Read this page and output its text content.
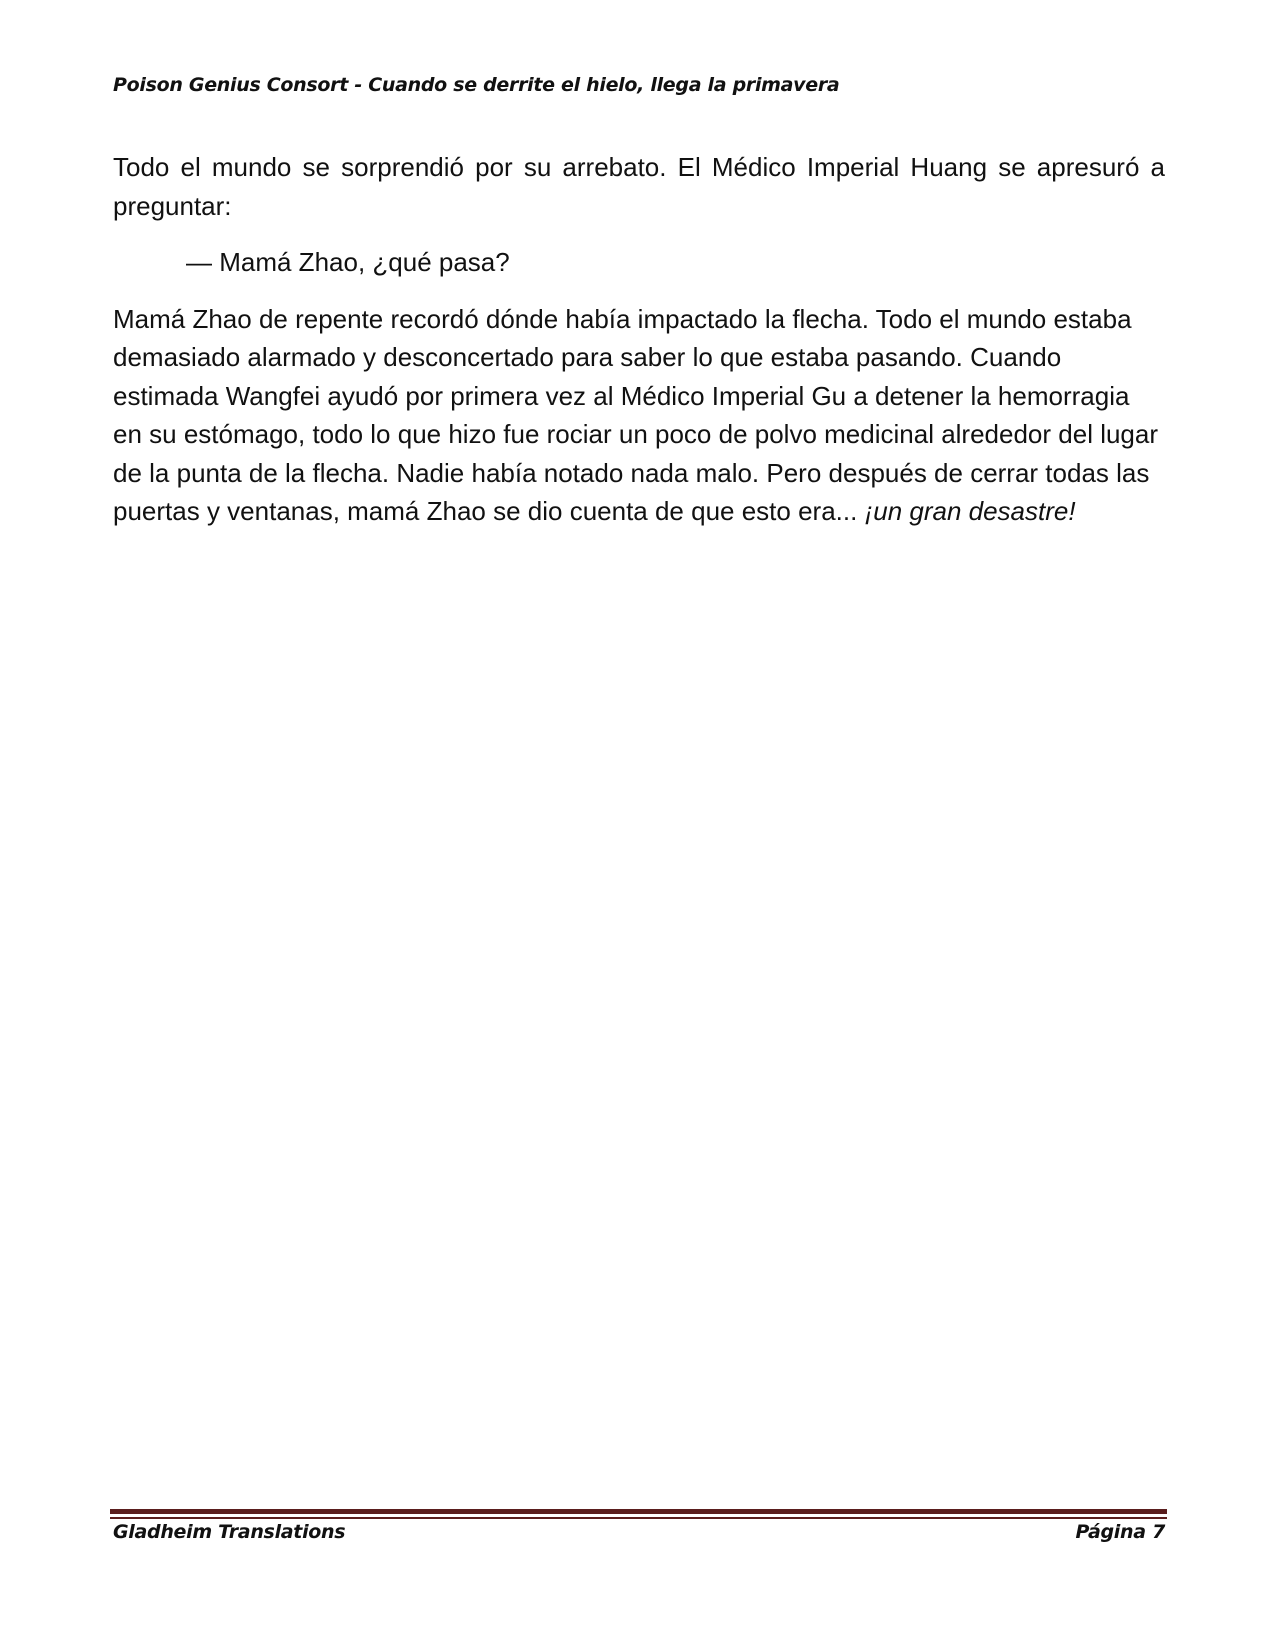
Poison Genius Consort - Cuando se derrite el hielo, llega la primavera

Todo el mundo se sorprendió por su arrebato. El Médico Imperial Huang se apresuró a preguntar:

— Mamá Zhao, ¿qué pasa?

Mamá Zhao de repente recordó dónde había impactado la flecha. Todo el mundo estaba demasiado alarmado y desconcertado para saber lo que estaba pasando. Cuando estimada Wangfei ayudó por primera vez al Médico Imperial Gu a detener la hemorragia en su estómago, todo lo que hizo fue rociar un poco de polvo medicinal alrededor del lugar de la punta de la flecha. Nadie había notado nada malo. Pero después de cerrar todas las puertas y ventanas, mamá Zhao se dio cuenta de que esto era... ¡un gran desastre!

Gladheim Translations	Página 7
